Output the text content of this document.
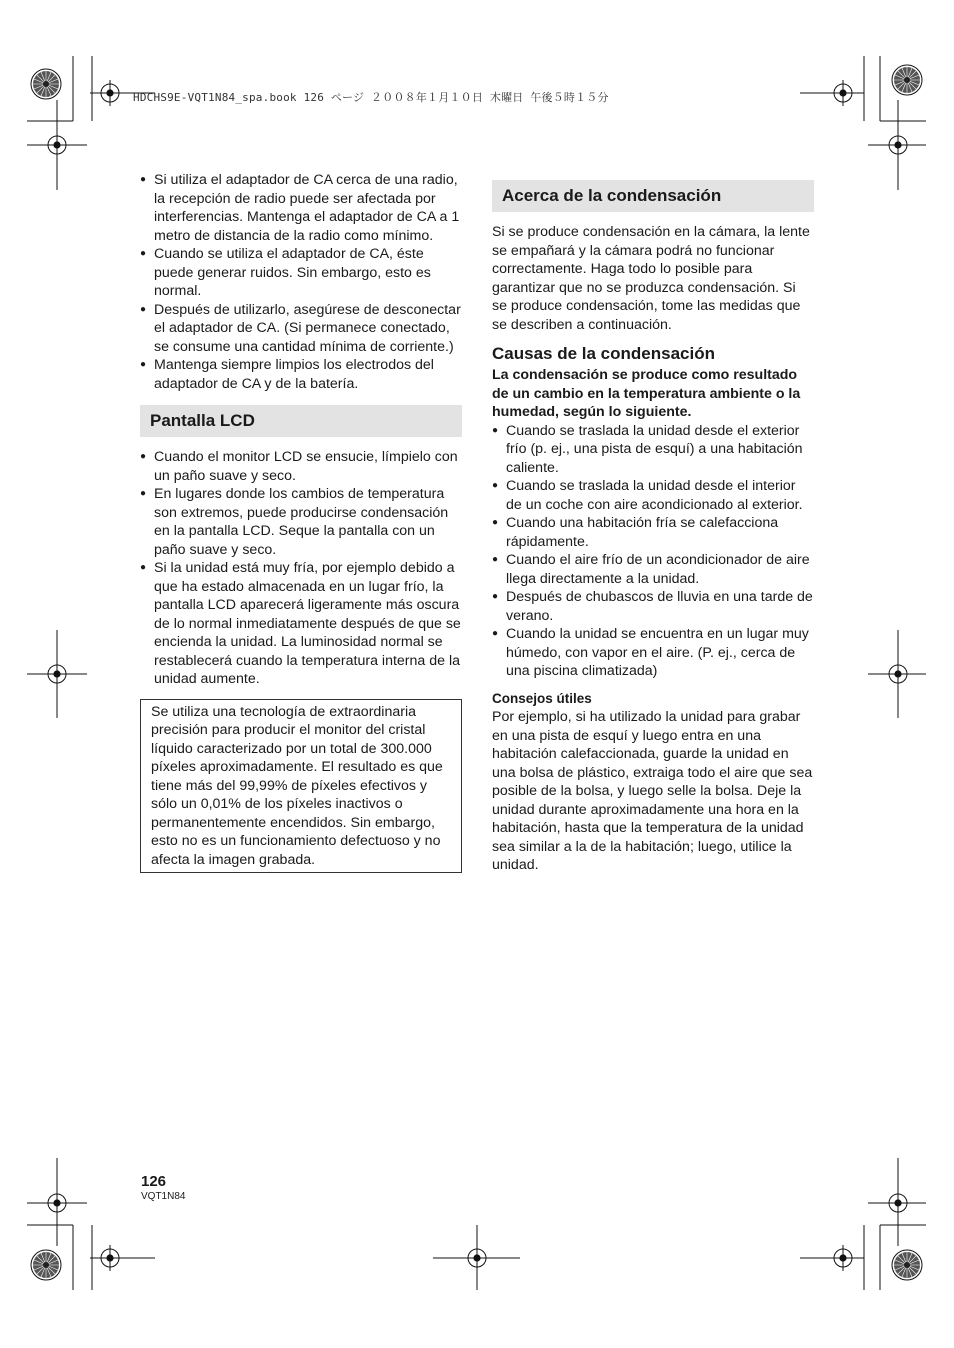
HDCHS9E-VQT1N84_spa.book 126 ページ ２００８年１月１０日 木曜日 午後５時１５分
● Si utiliza el adaptador de CA cerca de una radio, la recepción de radio puede ser afectada por interferencias. Mantenga el adaptador de CA a 1 metro de distancia de la radio como mínimo.
● Cuando se utiliza el adaptador de CA, éste puede generar ruidos. Sin embargo, esto es normal.
● Después de utilizarlo, asegúrese de desconectar el adaptador de CA. (Si permanece conectado, se consume una cantidad mínima de corriente.)
● Mantenga siempre limpios los electrodos del adaptador de CA y de la batería.
Pantalla LCD
● Cuando el monitor LCD se ensucie, límpielo con un paño suave y seco.
● En lugares donde los cambios de temperatura son extremos, puede producirse condensación en la pantalla LCD. Seque la pantalla con un paño suave y seco.
● Si la unidad está muy fría, por ejemplo debido a que ha estado almacenada en un lugar frío, la pantalla LCD aparecerá ligeramente más oscura de lo normal inmediatamente después de que se encienda la unidad. La luminosidad normal se restablecerá cuando la temperatura interna de la unidad aumente.
Se utiliza una tecnología de extraordinaria precisión para producir el monitor del cristal líquido caracterizado por un total de 300.000 píxeles aproximadamente. El resultado es que tiene más del 99,99% de píxeles efectivos y sólo un 0,01% de los píxeles inactivos o permanentemente encendidos. Sin embargo, esto no es un funcionamiento defectuoso y no afecta la imagen grabada.
Acerca de la condensación

Si se produce condensación en la cámara, la lente se empañará y la cámara podrá no funcionar correctamente. Haga todo lo posible para garantizar que no se produzca condensación. Si se produce condensación, tome las medidas que se describen a continuación.

Causas de la condensación

La condensación se produce como resultado de un cambio en la temperatura ambiente o la humedad, según lo siguiente.

● Cuando se traslada la unidad desde el exterior frío (p. ej., una pista de esquí) a una habitación caliente.
● Cuando se traslada la unidad desde el interior de un coche con aire acondicionado al exterior.
● Cuando una habitación fría se calefacciona rápidamente.
● Cuando el aire frío de un acondicionador de aire llega directamente a la unidad.
● Después de chubascos de lluvia en una tarde de verano.
● Cuando la unidad se encuentra en un lugar muy húmedo, con vapor en el aire. (P. ej., cerca de una piscina climatizada)
Consejos útiles

Por ejemplo, si ha utilizado la unidad para grabar en una pista de esquí y luego entra en una habitación calefaccionada, guarde la unidad en una bolsa de plástico, extraiga todo el aire que sea posible de la bolsa, y luego selle la bolsa. Deje la unidad durante aproximadamente una hora en la habitación, hasta que la temperatura de la unidad sea similar a la de la habitación; luego, utilice la unidad.

126
VQT1N84
